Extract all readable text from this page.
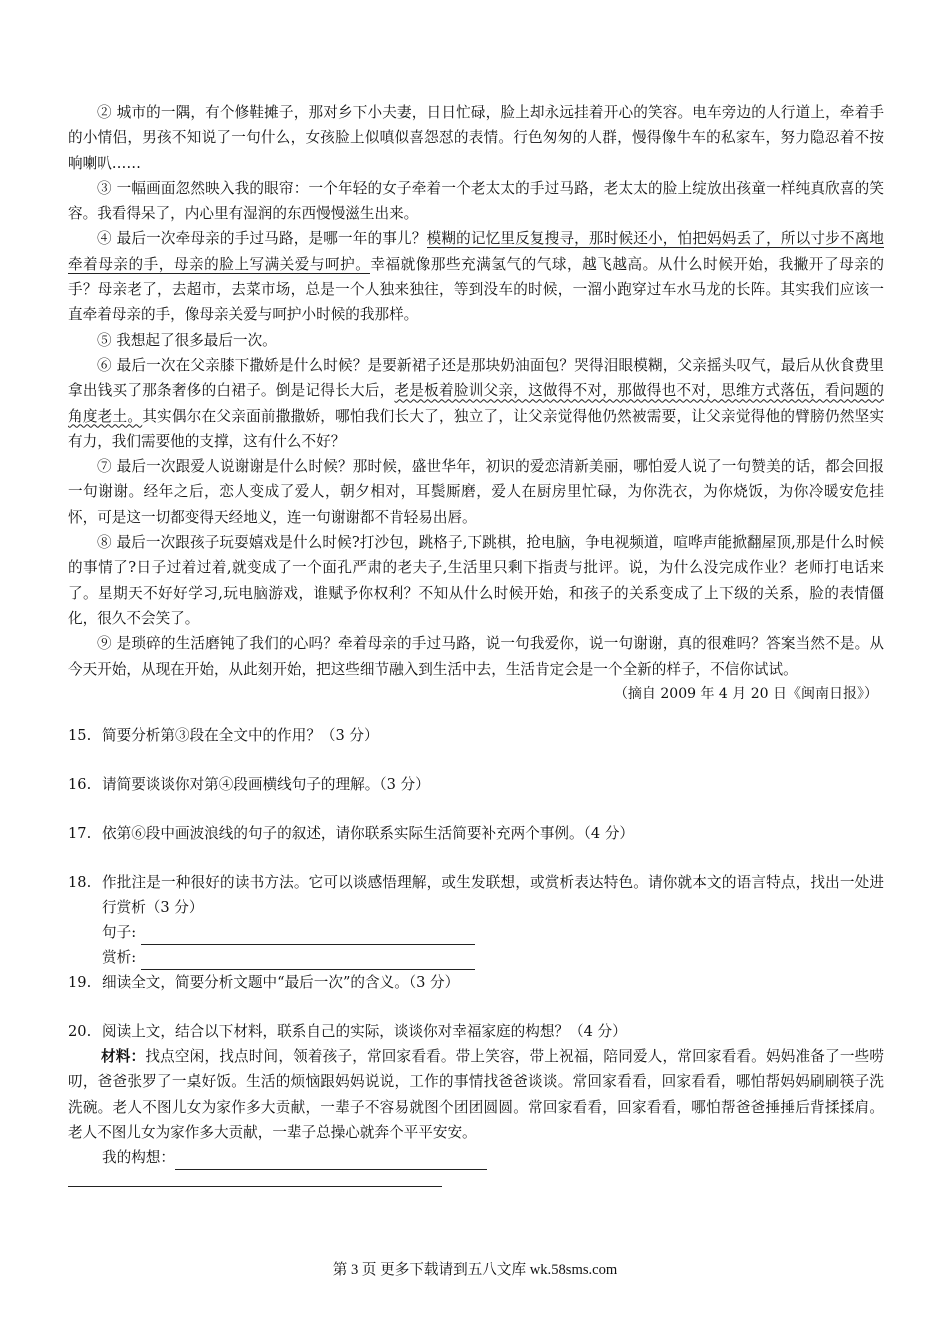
② 城市的一隅，有个修鞋摊子，那对乡下小夫妻，日日忙碌，脸上却永远挂着开心的笑容。电车旁边的人行道上，牵着手的小情侣，男孩不知说了一句什么，女孩脸上似嗔似喜怨怼的表情。行色匆匆的人群，慢得像牛车的私家车，努力隐忍着不按响喇叭……

③ 一幅画面忽然映入我的眼帘：一个年轻的女子牵着一个老太太的手过马路，老太太的脸上绽放出孩童一样纯真欣喜的笑容。我看得呆了，内心里有湿润的东西慢慢滋生出来。

④ 最后一次牵母亲的手过马路，是哪一年的事儿？模糊的记忆里反复搜寻，那时候还小，怕把妈妈丢了，所以寸步不离地牵着母亲的手，母亲的脸上写满关爱与呵护。幸福就像那些充满氢气的气球，越飞越高。从什么时候开始，我撇开了母亲的手？母亲老了，去超市，去菜市场，总是一个人独来独往，等到没车的时候，一溜小跑穿过车水马龙的长阵。其实我们应该一直牵着母亲的手，像母亲关爱与呵护小时候的我那样。

⑤ 我想起了很多最后一次。

⑥ 最后一次在父亲膝下撒娇是什么时候？是要新裙子还是那块奶油面包？哭得泪眼模糊，父亲摇头叹气，最后从伙食费里拿出钱买了那条奢侈的白裙子。倒是记得长大后，老是板着脸训父亲，这做得不对，那做得也不对，思维方式落伍，看问题的角度老土。其实偶尔在父亲面前撒撒娇，哪怕我们长大了，独立了，让父亲觉得他仍然被需要，让父亲觉得他的臂膀仍然坚实有力，我们需要他的支撑，这有什么不好？

⑦ 最后一次跟爱人说谢谢是什么时候？那时候，盛世华年，初识的爱恋清新美丽，哪怕爱人说了一句赞美的话，都会回报一句谢谢。经年之后，恋人变成了爱人，朝夕相对，耳鬓厮磨，爱人在厨房里忙碌，为你洗衣，为你烧饭，为你冷暖安危挂怀，可是这一切都变得天经地义，连一句谢谢都不肯轻易出唇。

⑧ 最后一次跟孩子玩耍嬉戏是什么时候?打沙包，跳格子,下跳棋，抢电脑，争电视频道，喧哗声能掀翻屋顶,那是什么时候的事情了?日子过着过着,就变成了一个面孔严肃的老夫子,生活里只剩下指责与批评。说，为什么没完成作业？老师打电话来了。星期天不好好学习,玩电脑游戏，谁赋予你权利？不知从什么时候开始，和孩子的关系变成了上下级的关系，脸的表情僵化，很久不会笑了。

⑨ 是琐碎的生活磨钝了我们的心吗？牵着母亲的手过马路，说一句我爱你，说一句谢谢，真的很难吗？答案当然不是。从今天开始，从现在开始，从此刻开始，把这些细节融入到生活中去，生活肯定会是一个全新的样子，不信你试试。

（摘自 2009 年 4 月 20 日《闽南日报》）

15. 简要分析第③段在全文中的作用？（3 分）
16. 请简要谈谈你对第④段画横线句子的理解。（3 分）
17. 依第⑥段中画波浪线的句子的叙述，请你联系实际生活简要补充两个事例。（4 分）
18. 作批注是一种很好的读书方法。它可以谈感悟理解，或生发联想，或赏析表达特色。请你就本文的语言特点，找出一处进行赏析（3 分）

句子:

赏析:

19. 细读全文，简要分析文题中“最后一次”的含义。（3 分）
20. 阅读上文，结合以下材料，联系自己的实际，谈谈你对幸福家庭的构想？（4 分）

材料：找点空闲，找点时间，领着孩子，常回家看看。带上笑容，带上祝福，陪同爱人，常回家看看。妈妈准备了一些唠叨，爸爸张罗了一桌好饭。生活的烦恼跟妈妈说说，工作的事情找爸爸谈谈。常回家看看，回家看看，哪怕帮妈妈刷刷筷子洗洗碗。老人不图儿女为家作多大贡献，一辈子不容易就图个团团圆圆。常回家看看，回家看看，哪怕帮爸爸捶捶后背揉揉肩。老人不图儿女为家作多大贡献，一辈子总操心就奔个平平安安。

我的构想：

第 3 页 更多下载请到五八文库 wk.58sms.com
